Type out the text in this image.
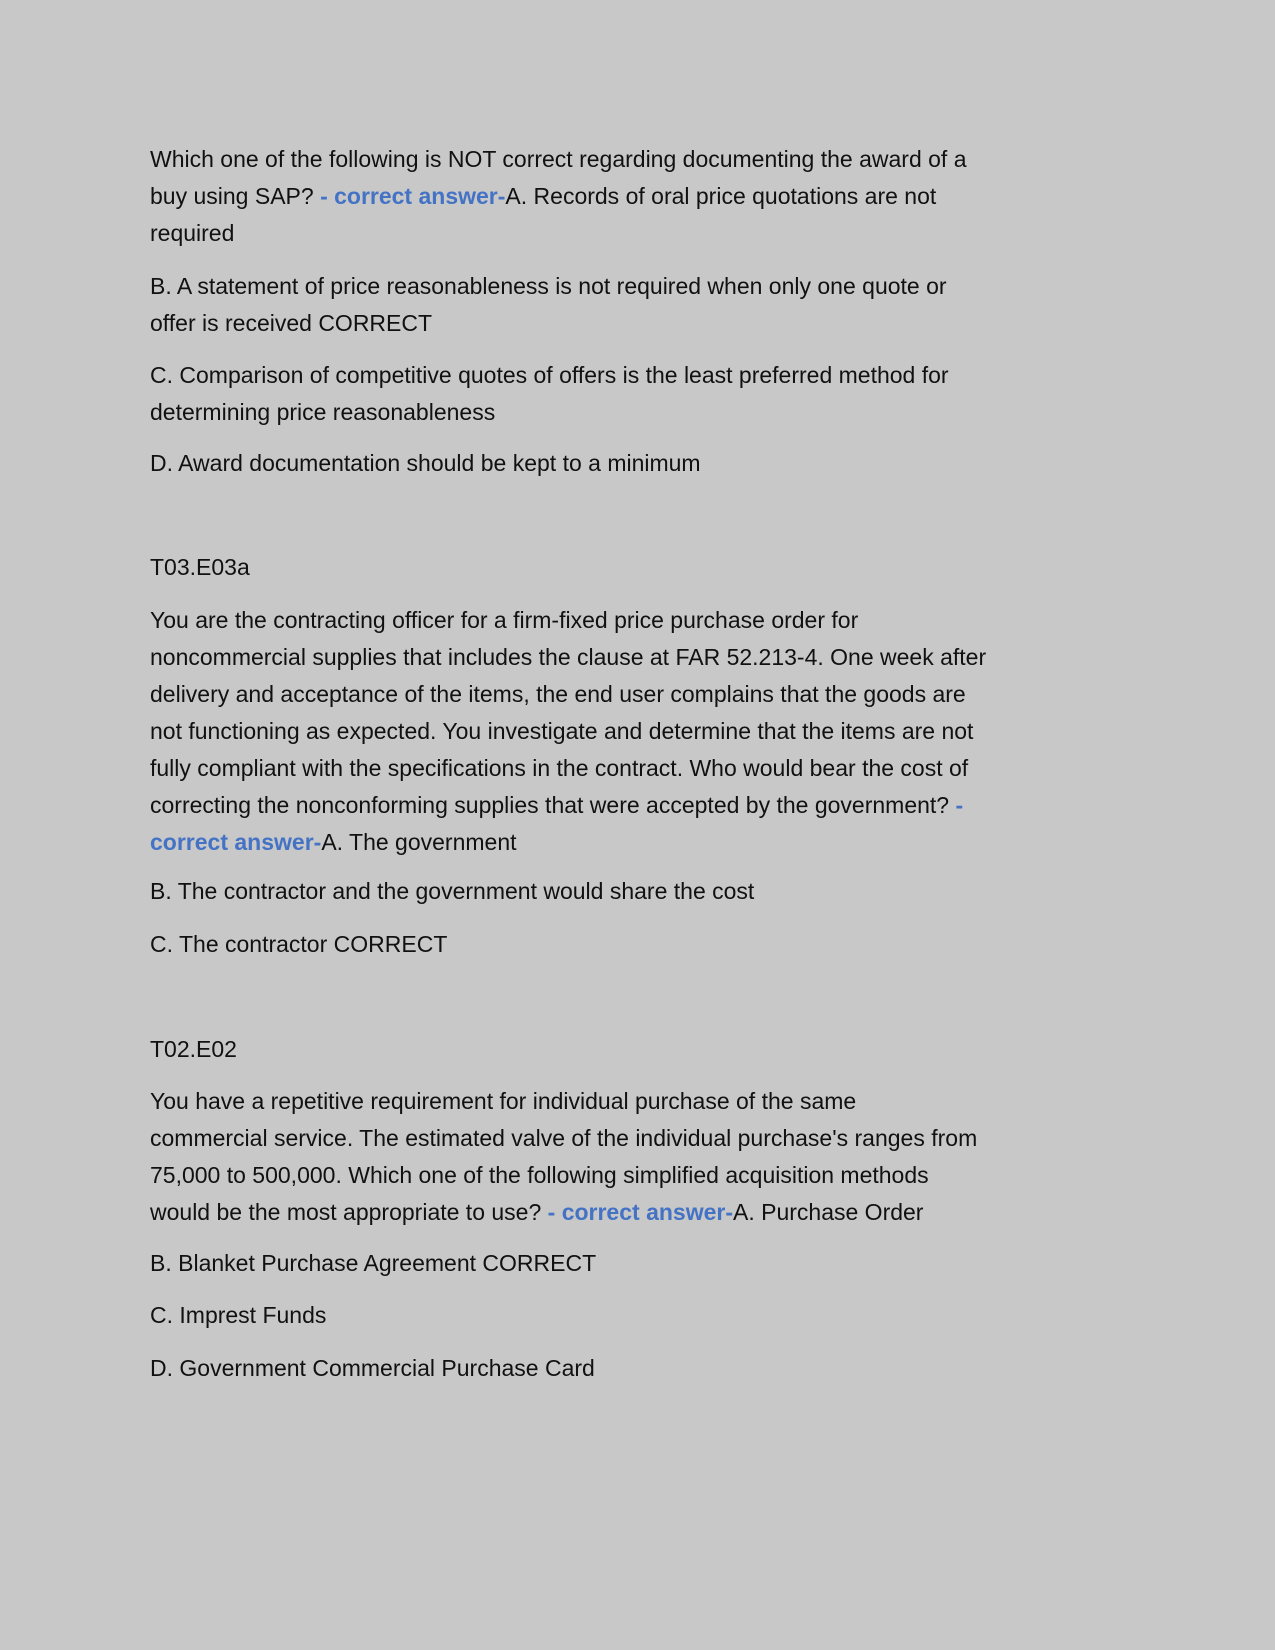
Which one of the following is NOT correct regarding documenting the award of a
buy using SAP? - correct answer-A. Records of oral price quotations are not
required
B. A statement of price reasonableness is not required when only one quote or
offer is received CORRECT
C. Comparison of competitive quotes of offers is the least preferred method for
determining price reasonableness
D. Award documentation should be kept to a minimum
T03.E03a
You are the contracting officer for a firm-fixed price purchase order for
noncommercial supplies that includes the clause at FAR 52.213-4. One week after
delivery and acceptance of the items, the end user complains that the goods are
not functioning as expected. You investigate and determine that the items are not
fully compliant with the specifications in the contract. Who would bear the cost of
correcting the nonconforming supplies that were accepted by the government? -
correct answer-A. The government
B. The contractor and the government would share the cost
C. The contractor CORRECT
T02.E02
You have a repetitive requirement for individual purchase of the same
commercial service. The estimated valve of the individual purchase's ranges from
75,000 to 500,000. Which one of the following simplified acquisition methods
would be the most appropriate to use? - correct answer-A. Purchase Order
B. Blanket Purchase Agreement CORRECT
C. Imprest Funds
D. Government Commercial Purchase Card
